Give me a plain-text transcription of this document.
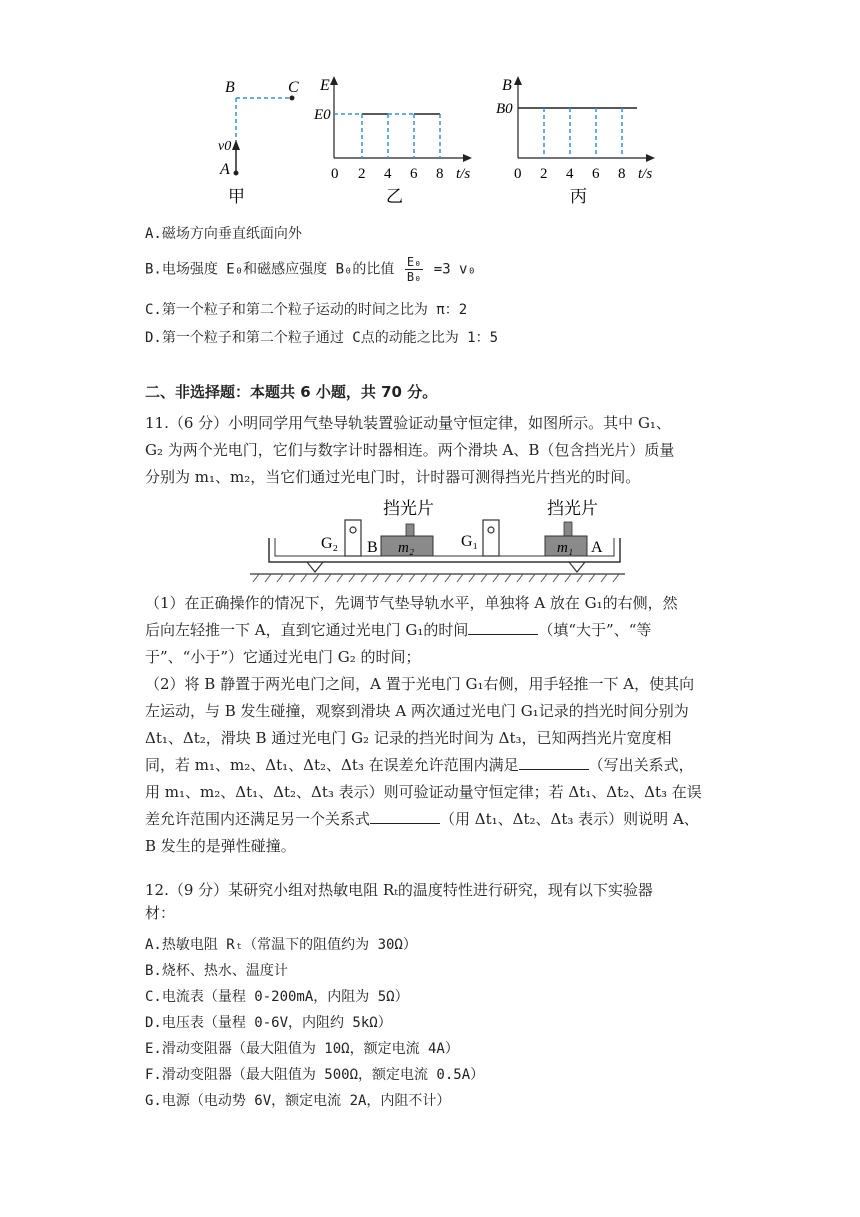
B	C
v0
A
甲
E
E0
0 2 4 6 8 t/s
乙
B
B0
0 2 4 6 8 t/s
丙
A.磁场方向垂直纸面向外
B.电场强度 E₀和磁感应强度 B₀的比值 $\frac{\text{E₀}}{\text{B₀}} =3$ v₀
C.第一个粒子和第二个粒子运动的时间之比为 π：2
D.第一个粒子和第二个粒子通过 C点的动能之比为 1：5
二、非选择题：本题共 6 小题，共 70 分。
11.（6 分）小明同学用气垫导轨装置验证动量守恒定律，如图所示。其中 G₁、
G₂ 为两个光电门，它们与数字计时器相连。两个滑块 A、B（包含挡光片）质量
分别为 m₁、m₂，当它们通过光电门时，计时器可测得挡光片挡光的时间。
挡光片	挡光片
G₂ B m₂	G₁	m₁ A
（1）在正确操作的情况下，先调节气垫导轨水平，单独将 A 放在 G₁的右侧，然
后向左轻推一下 A，直到它通过光电门 G₁的时间	（填“大于”、“等
于”、“小于”）它通过光电门 G₂ 的时间；
（2）将 B 静置于两光电门之间，A 置于光电门 G₁右侧，用手轻推一下 A，使其向
左运动，与 B 发生碰撞，观察到滑块 A 两次通过光电门 G₁记录的挡光时间分别为
Δt₁、Δt₂，滑块 B 通过光电门 G₂ 记录的挡光时间为 Δt₃，已知两挡光片宽度相
同，若 m₁、m₂、Δt₁、Δt₂、Δt₃ 在误差允许范围内满足	（写出关系式，
用 m₁、m₂、Δt₁、Δt₂、Δt₃ 表示）则可验证动量守恒定律；若 Δt₁、Δt₂、Δt₃ 在误
差允许范围内还满足另一个关系式	（用 Δt₁、Δt₂、Δt₃ 表示）则说明 A、
B 发生的是弹性碰撞。
12.（9 分）某研究小组对热敏电阻 Rₜ的温度特性进行研究，现有以下实验器
材：
A.热敏电阻 Rₜ（常温下的阻值约为 30Ω）
B.烧杯、热水、温度计
C.电流表（量程 0-200mA，内阻为 5Ω）
D.电压表（量程 0-6V，内阻约 5kΩ）
E.滑动变阻器（最大阻值为 10Ω，额定电流 4A）
F.滑动变阻器（最大阻值为 500Ω，额定电流 0.5A）
G.电源（电动势 6V，额定电流 2A，内阻不计）
